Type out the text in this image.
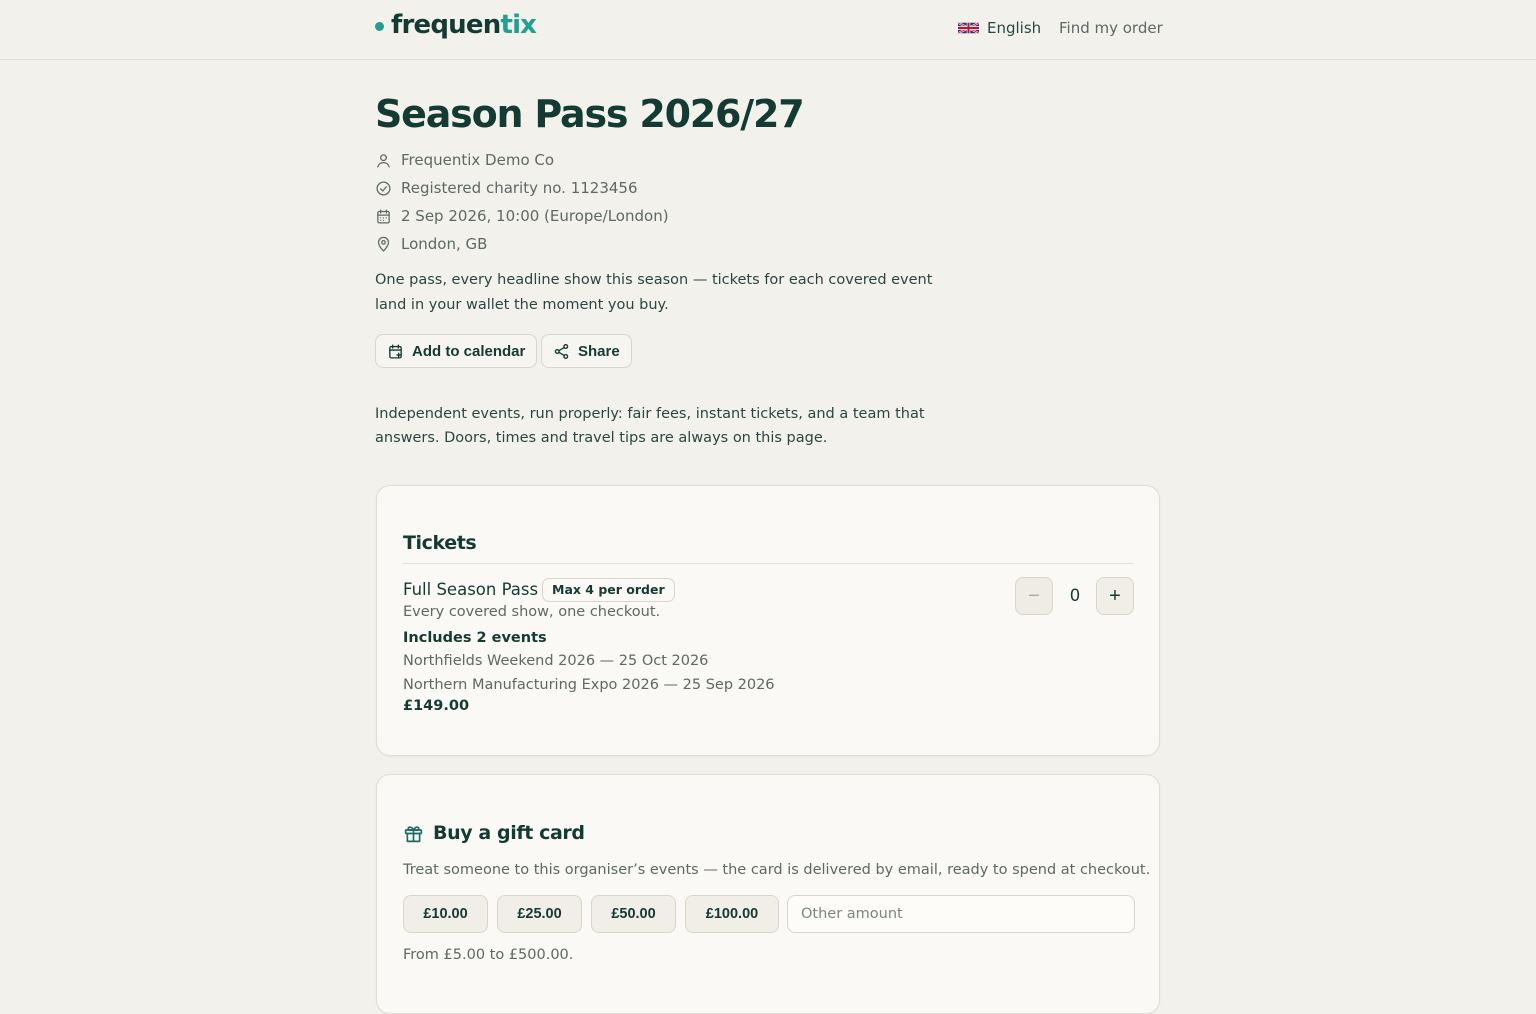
frequentix	English Find my order
Season Pass 2026/27
Frequentix Demo Co
Registered charity no. 1123456
2 Sep 2026, 10:00 (Europe/London)
London, GB

One pass, every headline show this season — tickets for each covered event land in your wallet the moment you buy.

Add to calendar	Share

Independent events, run properly: fair fees, instant tickets, and a team that answers. Doors, times and travel tips are always on this page.

Tickets
Full Season Pass	Max 4 per order
Every covered show, one checkout.
Includes 2 events
Northfields Weekend 2026 — 25 Oct 2026
Northern Manufacturing Expo 2026 — 25 Sep 2026
£149.00
− 0 +
Buy a gift card

Treat someone to this organiser’s events — the card is delivered by email, ready to spend at checkout.

£10.00	£25.00	£50.00	£100.00
Other amount

From £5.00 to £500.00.
